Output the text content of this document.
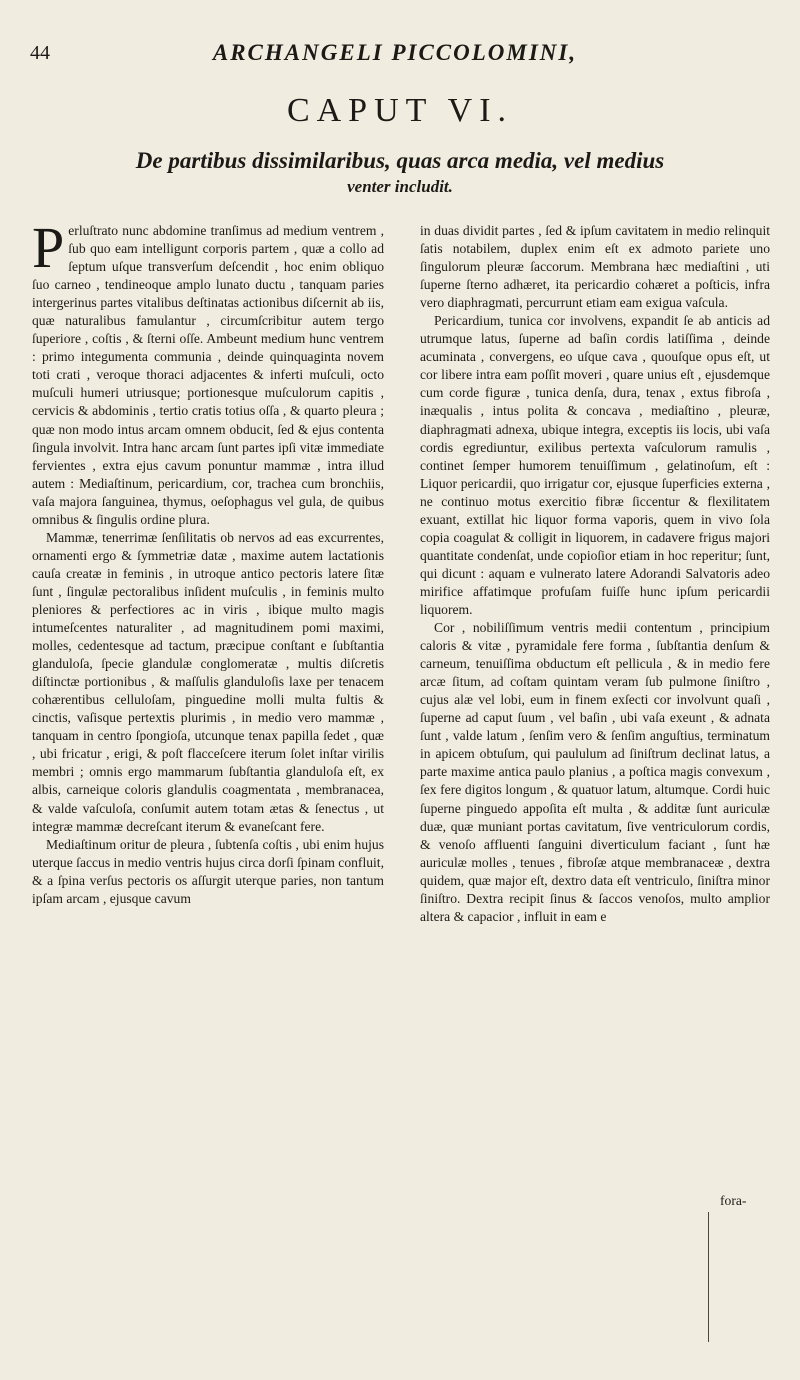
44	ARCHANGELI PICCOLOMINI,
CAPUT VI.
De partibus dissimilaribus, quas arca media, vel medius
venter includit.

Perluſtrato nunc abdomine tranſimus ad medium ventrem , ſub quo eam intelligunt corporis partem , quæ a collo ad ſeptum uſque transverſum deſcendit , hoc enim obliquo ſuo carneo , tendineoque amplo lunato ductu , tanquam paries intergerinus partes vitalibus deſtinatas actionibus diſcernit ab iis, quæ naturalibus famulantur , circumſcribitur autem tergo ſuperiore , coſtis , & ſterni oſſe. Ambeunt medium hunc ventrem : primo integumenta communia , deinde quinquaginta novem toti crati , veroque thoraci adjacentes & inferti muſculi, octo muſculi humeri utriusque; portionesque muſculorum capitis , cervicis & abdominis , tertio cratis totius oſſa , & quarto pleura ; quæ non modo intus arcam omnem obducit, ſed & ejus contenta ſingula involvit. Intra hanc arcam ſunt partes ipſi vitæ immediate fervientes , extra ejus cavum ponuntur mammæ , intra illud autem : Mediaſtinum, pericardium, cor, trachea cum bronchiis, vaſa majora ſanguinea, thymus, oeſophagus vel gula, de quibus omnibus & ſingulis ordine plura.

Mammæ, tenerrimæ ſenſilitatis ob nervos ad eas excurrentes, ornamenti ergo & ſymmetriæ datæ , maxime autem lactationis cauſa creatæ in feminis , in utroque antico pectoris latere ſitæ ſunt , ſingulæ pectoralibus inſident muſculis , in feminis multo pleniores & perfectiores ac in viris , ibique multo magis intumeſcentes naturaliter , ad magnitudinem pomi maximi, molles, cedentesque ad tactum, præcipue conſtant e ſubſtantia glanduloſa, ſpecie glandulæ conglomeratæ , multis diſcretis diſtinctæ portionibus , & maſſulis glanduloſis laxe per tenacem cohærentibus celluloſam, pinguedine molli multa fultis & cinctis, vaſisque pertextis plurimis , in medio vero mammæ , tanquam in centro ſpongioſa, utcunque tenax papilla ſedet , quæ , ubi fricatur , erigi, & poſt flacceſcere iterum ſolet inſtar virilis membri ; omnis ergo mammarum ſubſtantia glanduloſa eſt, ex albis, carneique coloris glandulis coagmentata , membranacea, & valde vaſculoſa, conſumit autem totam ætas & ſenectus , ut integræ mammæ decreſcant iterum & evaneſcant fere.

Mediaſtinum oritur de pleura , ſubtenſa coſtis , ubi enim hujus uterque ſaccus in medio ventris hujus circa dorſi ſpinam confluit, & a ſpina verſus pectoris os aſſurgit uterque paries, non tantum ipſam arcam , ejusque cavum

in duas dividit partes , ſed & ipſum cavitatem in medio relinquit ſatis notabilem, duplex enim eſt ex admoto pariete uno ſingulorum pleuræ ſaccorum. Membrana hæc mediaſtini , uti ſuperne ſterno adhæret, ita pericardio cohæret a poſticis, infra vero diaphragmati, percurrunt etiam eam exigua vaſcula.

Pericardium, tunica cor involvens, expandit ſe ab anticis ad utrumque latus, ſuperne ad baſin cordis latiſſima , deinde acuminata , convergens, eo uſque cava , quouſque opus eſt, ut cor libere intra eam poſſit moveri , quare unius eſt , ejusdemque cum corde figuræ , tunica denſa, dura, tenax , extus fibroſa , inæqualis , intus polita & concava , mediaſtino , pleuræ, diaphragmati adnexa, ubique integra, exceptis iis locis, ubi vaſa cordis egrediuntur, exilibus pertexta vaſculorum ramulis , continet ſemper humorem tenuiſſimum , gelatinoſum, eſt : Liquor pericardii, quo irrigatur cor, ejusque ſuperficies externa , ne continuo motus exercitio fibræ ſiccentur & flexilitatem exuant, extillat hic liquor forma vaporis, quem in vivo ſola copia coagulat & colligit in liquorem, in cadavere frigus majori quantitate condenſat, unde copioſior etiam in hoc reperitur; ſunt, qui dicunt : aquam e vulnerato latere Adorandi Salvatoris adeo mirifice affatimque profuſam fuiſſe hunc ipſum pericardii liquorem.

Cor , nobiliſſimum ventris medii contentum , principium caloris & vitæ , pyramidale fere forma , ſubſtantia denſum & carneum, tenuiſſima obductum eſt pellicula , & in medio fere arcæ ſitum, ad coſtam quintam veram ſub pulmone ſiniſtro , cujus alæ vel lobi, eum in finem exſecti cor involvunt quaſi , ſuperne ad caput ſuum , vel baſin , ubi vaſa exeunt , & adnata ſunt , valde latum , ſenſim vero & ſenſim anguſtius, terminatum in apicem obtuſum, qui paululum ad ſiniſtrum declinat latus, a parte maxime antica paulo planius , a poſtica magis convexum , ſex fere digitos longum , & quatuor latum, altumque. Cordi huic ſuperne pinguedo appoſita eſt multa , & additæ ſunt auriculæ duæ, quæ muniant portas cavitatum, ſive ventriculorum cordis, & venoſo affluenti ſanguini diverticulum faciant , ſunt hæ auriculæ molles , tenues , fibroſæ atque membranaceæ , dextra quidem, quæ major eſt, dextro data eſt ventriculo, ſiniſtra minor ſiniſtro. Dextra recipit ſinus & ſaccos venoſos, multo amplior altera & capacior , influit in eam e

fora-
